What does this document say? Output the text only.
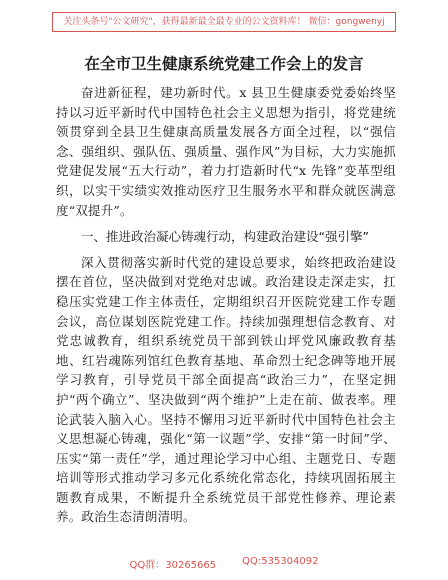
关注头条号"公文研究"，获得最新最全最专业的公文资料库！ 微信：gongwenyj
在全市卫生健康系统党建工作会上的发言

奋进新征程，建功新时代。x 县卫生健康委党委始终坚持以习近平新时代中国特色社会主义思想为指引，将党建统领贯穿到全县卫生健康高质量发展各方面全过程，以“强信念、强组织、强队伍、强质量、强作风”为目标，大力实施抓党建促发展“五大行动”，着力打造新时代“x 先锋”变革型组织，以实干实绩实效推动医疗卫生服务水平和群众就医满意度“双提升”。

一、推进政治凝心铸魂行动，构建政治建设“强引擎”

深入贯彻落实新时代党的建设总要求，始终把政治建设摆在首位，坚决做到对党绝对忠诚。政治建设走深走实，扛稳压实党建工作主体责任，定期组织召开医院党建工作专题会议，高位谋划医院党建工作。持续加强理想信念教育、对党忠诚教育，组织系统党员干部到铁山坪党风廉政教育基地、红岩魂陈列馆红色教育基地、革命烈士纪念碑等地开展学习教育，引导党员干部全面提高“政治三力”，在坚定拥护“两个确立”、坚决做到“两个维护”上走在前、做表率。理论武装入脑入心。坚持不懈用习近平新时代中国特色社会主义思想凝心铸魂，强化“第一议题”学、安排“第一时间”学、压实“第一责任”学，通过理论学习中心组、主题党日、专题培训等形式推动学习多元化系统化常态化，持续巩固拓展主题教育成果，不断提升全系统党员干部党性修养、理论素养。政治生态清朗清明。

QQ群：30265665	QQ:535304092
